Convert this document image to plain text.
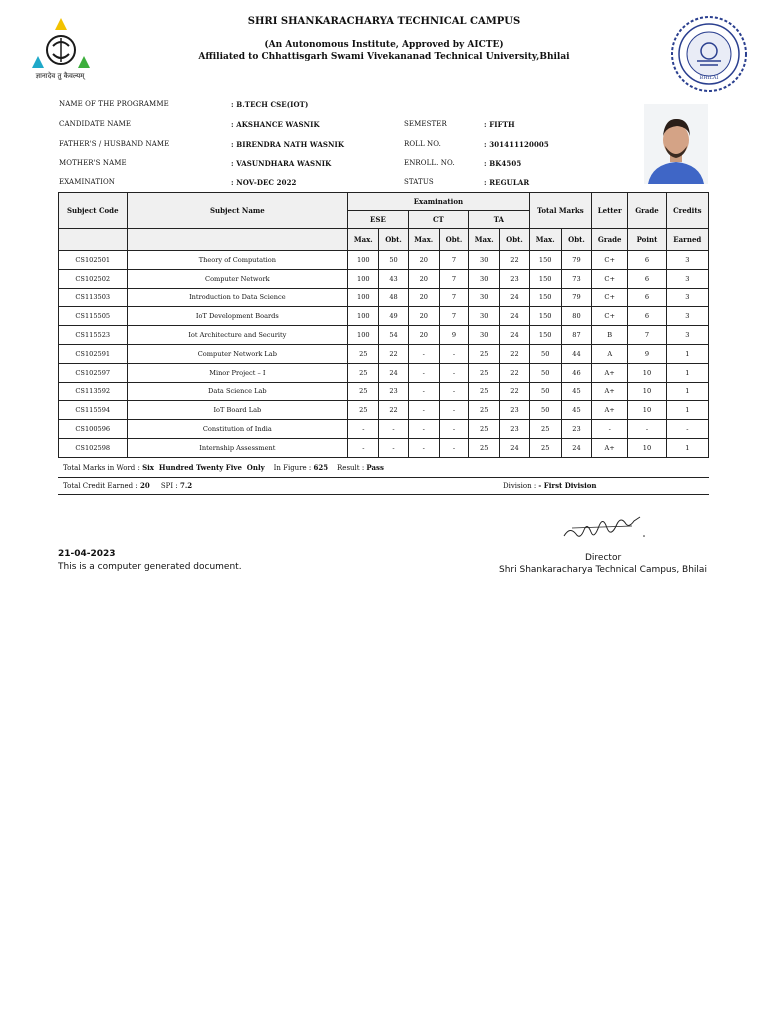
SHRI SHANKARACHARYA TECHNICAL CAMPUS
(An Autonomous Institute, Approved by AICTE)
Affiliated to Chhattisgarh Swami Vivekananad Technical University,Bhilai
ज्ञानादेव तु कैवल्यम्	BHILAI
NAME OF THE PROGRAMME	: B.TECH CSE(IOT)
CANDIDATE NAME	: AKSHANCE WASNIK	SEMESTER	: FIFTH
FATHER'S / HUSBAND NAME	: BIRENDRA NATH WASNIK	ROLL NO.	: 301411120005
MOTHER'S NAME	: VASUNDHARA WASNIK	ENROLL. NO.	: BK4505
EXAMINATION	: NOV-DEC 2022	STATUS	: REGULAR
Subject Code	Subject Name	Examination						Total Marks		Letter	Grade	Credits
		ESE		CT		TA						
		Max.	Obt.	Max.	Obt.	Max.	Obt.	Max.	Obt.	Grade	Point	Earned
CS102501	Theory of Computation	100	50	20	7	30	22	150	79	C+	6	3
CS102502	Computer Network	100	43	20	7	30	23	150	73	C+	6	3
CS113503	Introduction to Data Science	100	48	20	7	30	24	150	79	C+	6	3
CS115505	IoT Development Boards	100	49	20	7	30	24	150	80	C+	6	3
CS115523	Iot Architecture and Security	100	54	20	9	30	24	150	87	B	7	3
CS102591	Computer Network Lab	25	22	-	-	25	22	50	44	A	9	1
CS102597	Minor Project – I	25	24	-	-	25	22	50	46	A+	10	1
CS113592	Data Science Lab	25	23	-	-	25	22	50	45	A+	10	1
CS115594	IoT Board Lab	25	22	-	-	25	23	50	45	A+	10	1
CS100596	Constitution of India	-	-	-	-	25	23	25	23	-	-	-
CS102598	Internship Assessment	-	-	-	-	25	24	25	24	A+	10	1
Total Marks in Word : Six  Hundred Twenty Five  Only In Figure : 625 Result : Pass
Total Credit Earned : 20 SPI : 7.2	Division : - First Division
Director
Shri Shankaracharya Technical Campus, Bhilai
21-04-2023
This is a computer generated document.
